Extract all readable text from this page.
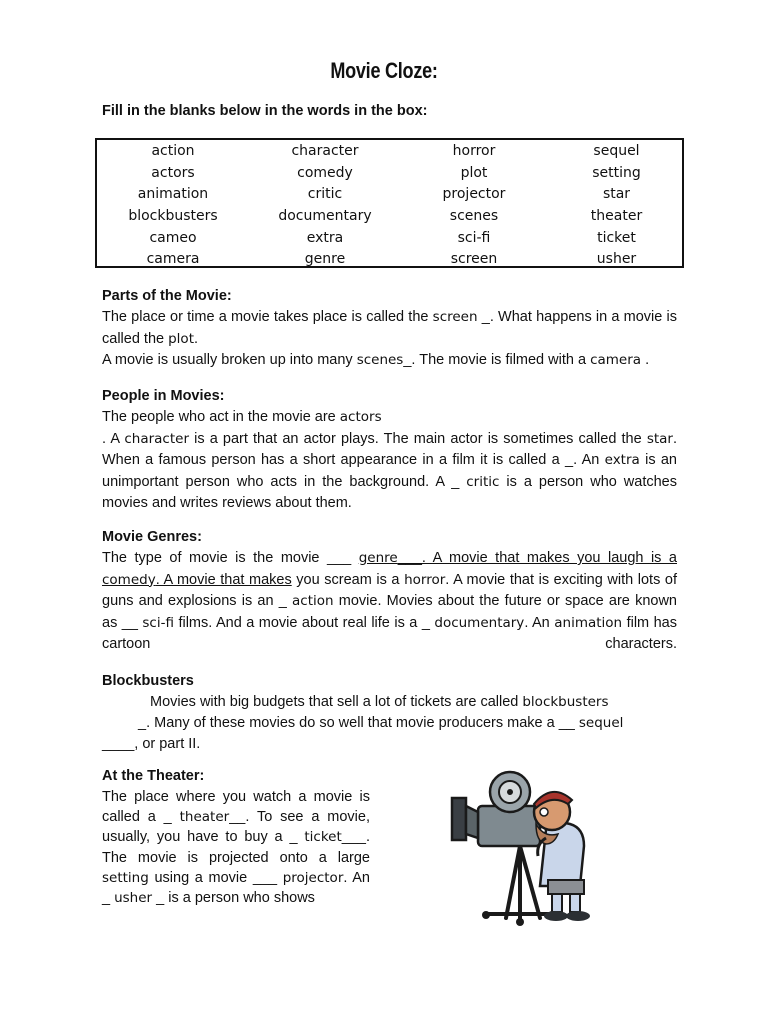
Movie Cloze:
Fill in the blanks below in the words in the box:
action	character	horror	sequel
actors	comedy	plot	setting
animation	critic	projector	star
blockbusters	documentary	scenes	theater
cameo	extra	sci-fi	ticket
camera	genre	screen	usher

Parts of the Movie:

The place or time a movie takes place is called the screen _. What happens in a movie is called the plot.

A movie is usually broken up into many scenes_. The movie is filmed with a camera .

People in Movies:

The people who act in the movie are actors

. A character is a part that an actor plays. The main actor is sometimes called the star. When a famous person has a short appearance in a film it is called a _. An extra is an unimportant person who acts in the background. A _ critic is a person who watches movies and writes reviews about them.

Movie Genres:

The type of movie is the movie ___ genre___. A movie that makes you laugh is a comedy. A movie that makes you scream is a horror. A movie that is exciting with lots of guns and explosions is an _ action movie. Movies about the future or space are known as __ sci-fi films. And a movie about real life is a _ documentary. An animation film has cartoon characters.

Blockbusters

Movies with big budgets that sell a lot of tickets are called blockbusters

_. Many of these movies do so well that movie producers make a __ sequel

____, or part II.

At the Theater:

The place where you watch a movie is called a _ theater__. To see a movie, usually, you have to buy a _ ticket___. The movie is projected onto a large setting using a movie ___ projector. An _ usher _ is a person who shows
